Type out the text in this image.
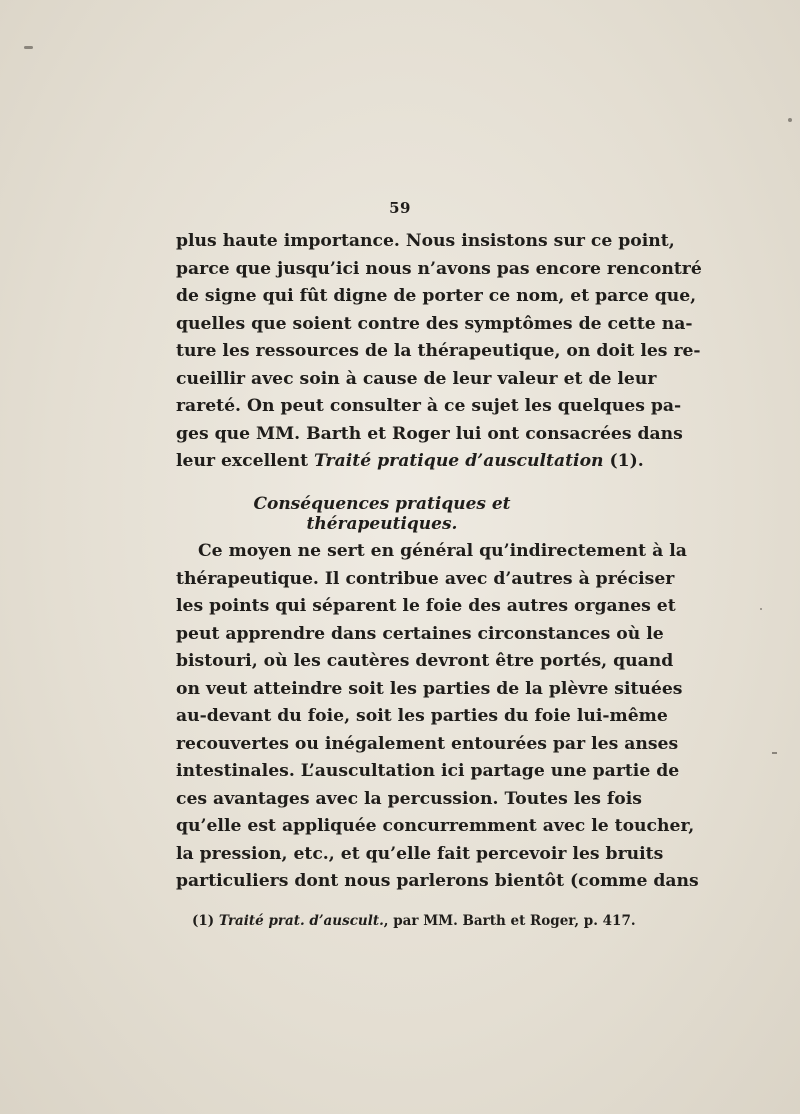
59
plus haute importance. Nous insistons sur ce point,
parce que jusqu’ici nous n’avons pas encore rencontré
de signe qui fût digne de porter ce nom, et parce que,
quelles que soient contre des symptômes de cette na-
ture les ressources de la thérapeutique, on doit les re-
cueillir avec soin à cause de leur valeur et de leur
rareté. On peut consulter à ce sujet les quelques pa-
ges que MM. Barth et Roger lui ont consacrées dans
leur excellent Traité pratique d’auscultation (1).
Conséquences pratiques et thérapeutiques.
Ce moyen ne sert en général qu’indirectement à la
thérapeutique. Il contribue avec d’autres à préciser
les points qui séparent le foie des autres organes et
peut apprendre dans certaines circonstances où le
bistouri, où les cautères devront être portés, quand
on veut atteindre soit les parties de la plèvre situées
au-devant du foie, soit les parties du foie lui-même
recouvertes ou inégalement entourées par les anses
intestinales. L’auscultation ici partage une partie de
ces avantages avec la percussion. Toutes les fois
qu’elle est appliquée concurremment avec le toucher,
la pression, etc., et qu’elle fait percevoir les bruits
particuliers dont nous parlerons bientôt (comme dans
(1) Traité prat. d’auscult., par MM. Barth et Roger, p. 417.
